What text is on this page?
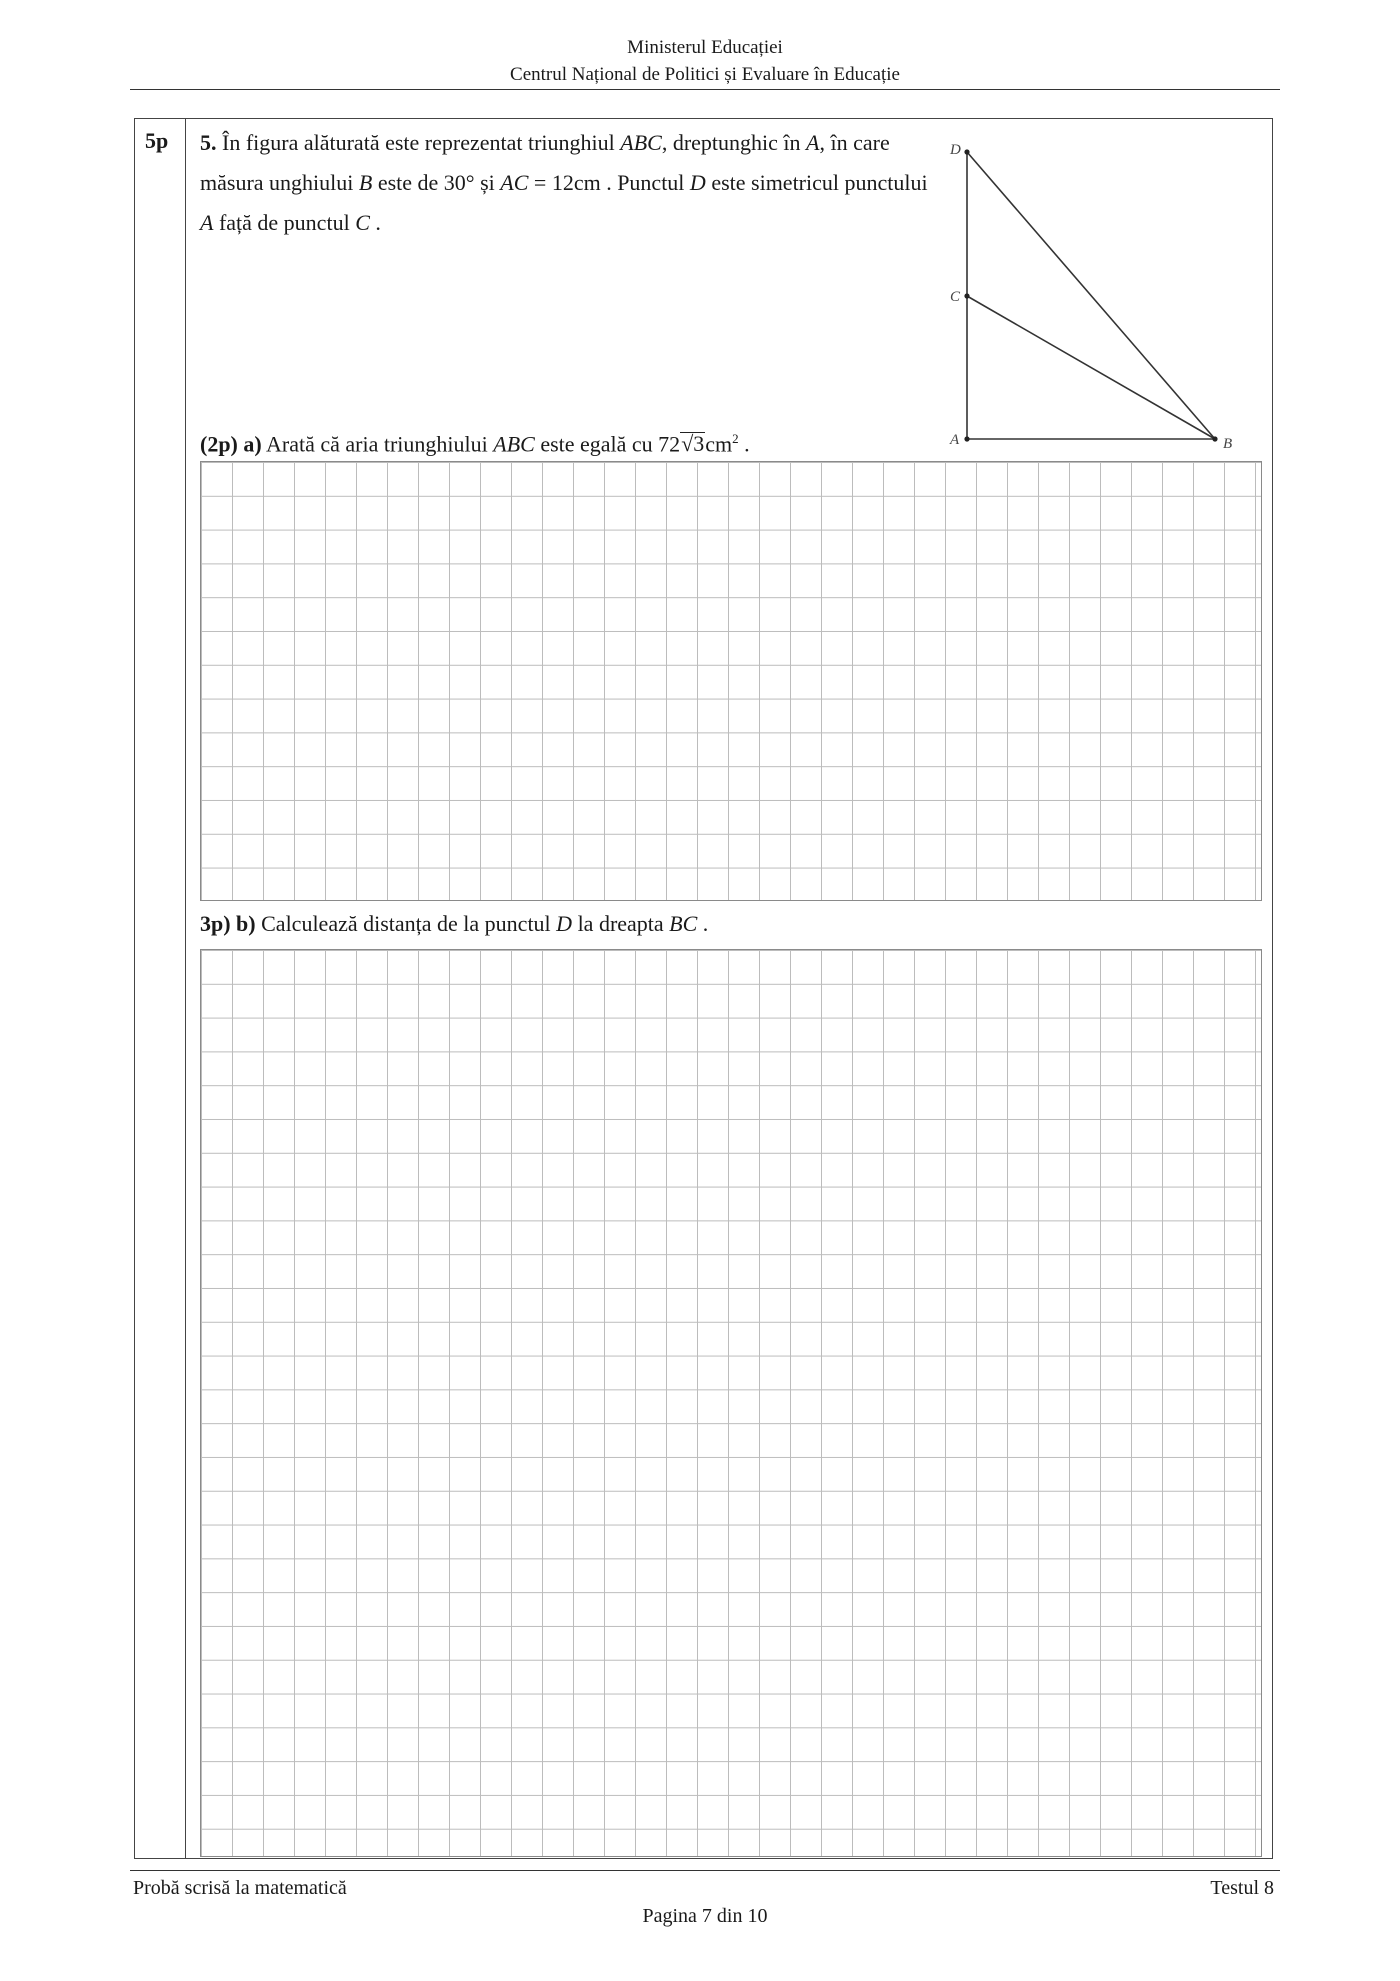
Ministerul Educației
Centrul Național de Politici și Evaluare în Educație
5p 5. În figura alăturată este reprezentat triunghiul ABC, dreptunghic în A, în care măsura unghiului B este de 30° și AC = 12cm . Punctul D este simetricul punctului A față de punctul C .
D
C
A	B
(2p) a) Arată că aria triunghiului ABC este egală cu $72√3cm^2$ .
3p) b) Calculează distanța de la punctul D la dreapta BC .
Probă scrisă la matematică	Testul 8
Pagina 7 din 10
